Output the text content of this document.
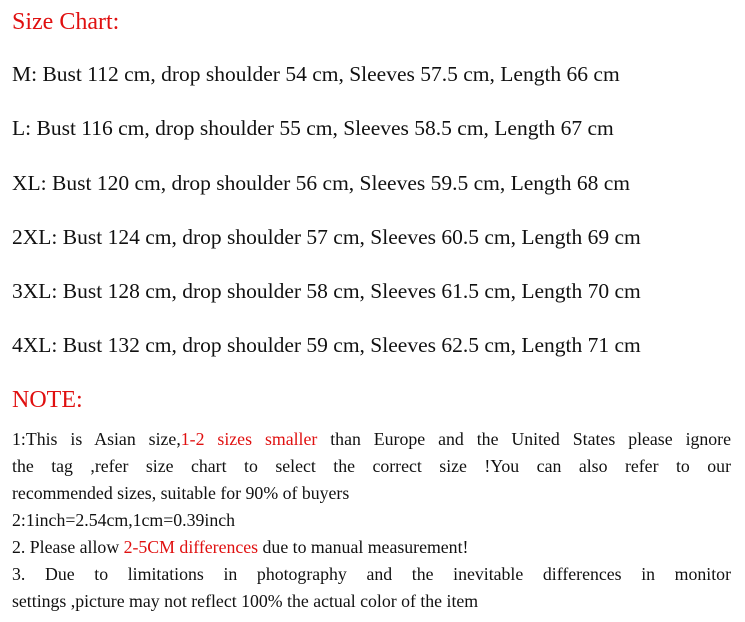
Size Chart:
M: Bust 112 cm, drop shoulder 54 cm, Sleeves 57.5 cm, Length 66 cm
L: Bust 116 cm, drop shoulder 55 cm, Sleeves 58.5 cm, Length 67 cm
XL: Bust 120 cm, drop shoulder 56 cm, Sleeves 59.5 cm, Length 68 cm
2XL: Bust 124 cm, drop shoulder 57 cm, Sleeves 60.5 cm, Length 69 cm
3XL: Bust 128 cm, drop shoulder 58 cm, Sleeves 61.5 cm, Length 70 cm
4XL: Bust 132 cm, drop shoulder 59 cm, Sleeves 62.5 cm, Length 71 cm
NOTE:
1:This is Asian size,1-2 sizes smaller than Europe and the United States please ignore
the tag ,refer size chart to select the correct size !You can also refer to our
recommended sizes, suitable for 90% of buyers
2:1inch=2.54cm,1cm=0.39inch
2. Please allow 2-5CM differences due to manual measurement!
3. Due to limitations in photography and the inevitable differences in monitor
settings ,picture may not reflect 100% the actual color of the item
